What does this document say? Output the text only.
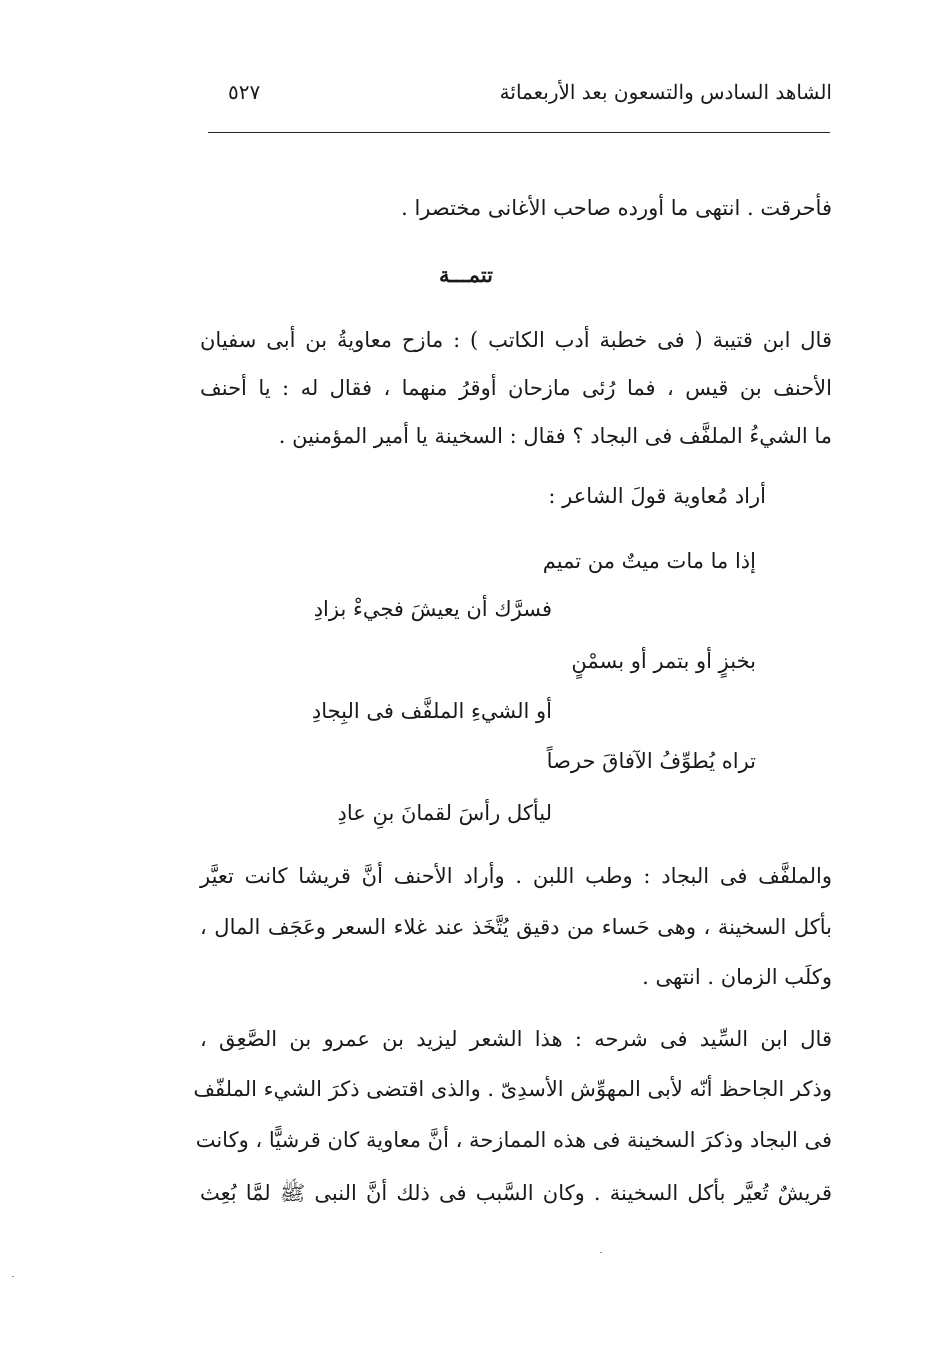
الشاهد السادس والتسعون بعد الأربعمائة
٥٢٧
فأحرقت . انتهى ما أورده صاحب الأغانى مختصرا .
تتمـــة
قال ابن قتيبة ( فى خطبة أدب الكاتب ) : مازح معاويةُ بن أبى سفيان
الأحنف بن قيس ، فما رُئى مازحان أوقرُ منهما ، فقال له : يا أحنف
ما الشيءُ الملفَّف فى البجاد ؟ فقال : السخينة يا أمير المؤمنين .
أراد مُعاوية قولَ الشاعر :
إذا ما مات ميتٌ من تميم
فسرَّك أن يعيشَ فجيءْ بزادِ
بخبزٍ أو بتمر أو بسمْنٍ
أو الشيءِ الملفَّف فى البِجادِ
تراه يُطوِّفُ الآفاقَ حرصاً
ليأكل رأسَ لقمانَ بنِ عادِ
والملفَّف فى البجاد : وطب اللبن . وأراد الأحنف أنَّ قريشا كانت تعيَّر
بأكل السخينة ، وهى حَساء من دقيق يُتَّخَذ عند غلاء السعر وعَجَف المال ،
وكلَب الزمان . انتهى .
قال ابن السِّيد فى شرحه : هذا الشعر ليزيد بن عمرو بن الصَّعِق ،
وذكر الجاحظ أنّه لأبى المهوِّش الأسدِىّ . والذى اقتضى ذكرَ الشيء الملفّف
فى البجاد وذكرَ السخينة فى هذه الممازحة ، أنَّ معاوية كان قرشيًّا ، وكانت
قريشٌ تُعيَّر بأكل السخينة . وكان السَّبب فى ذلك أنَّ النبى ﷺ لمَّا بُعِث
